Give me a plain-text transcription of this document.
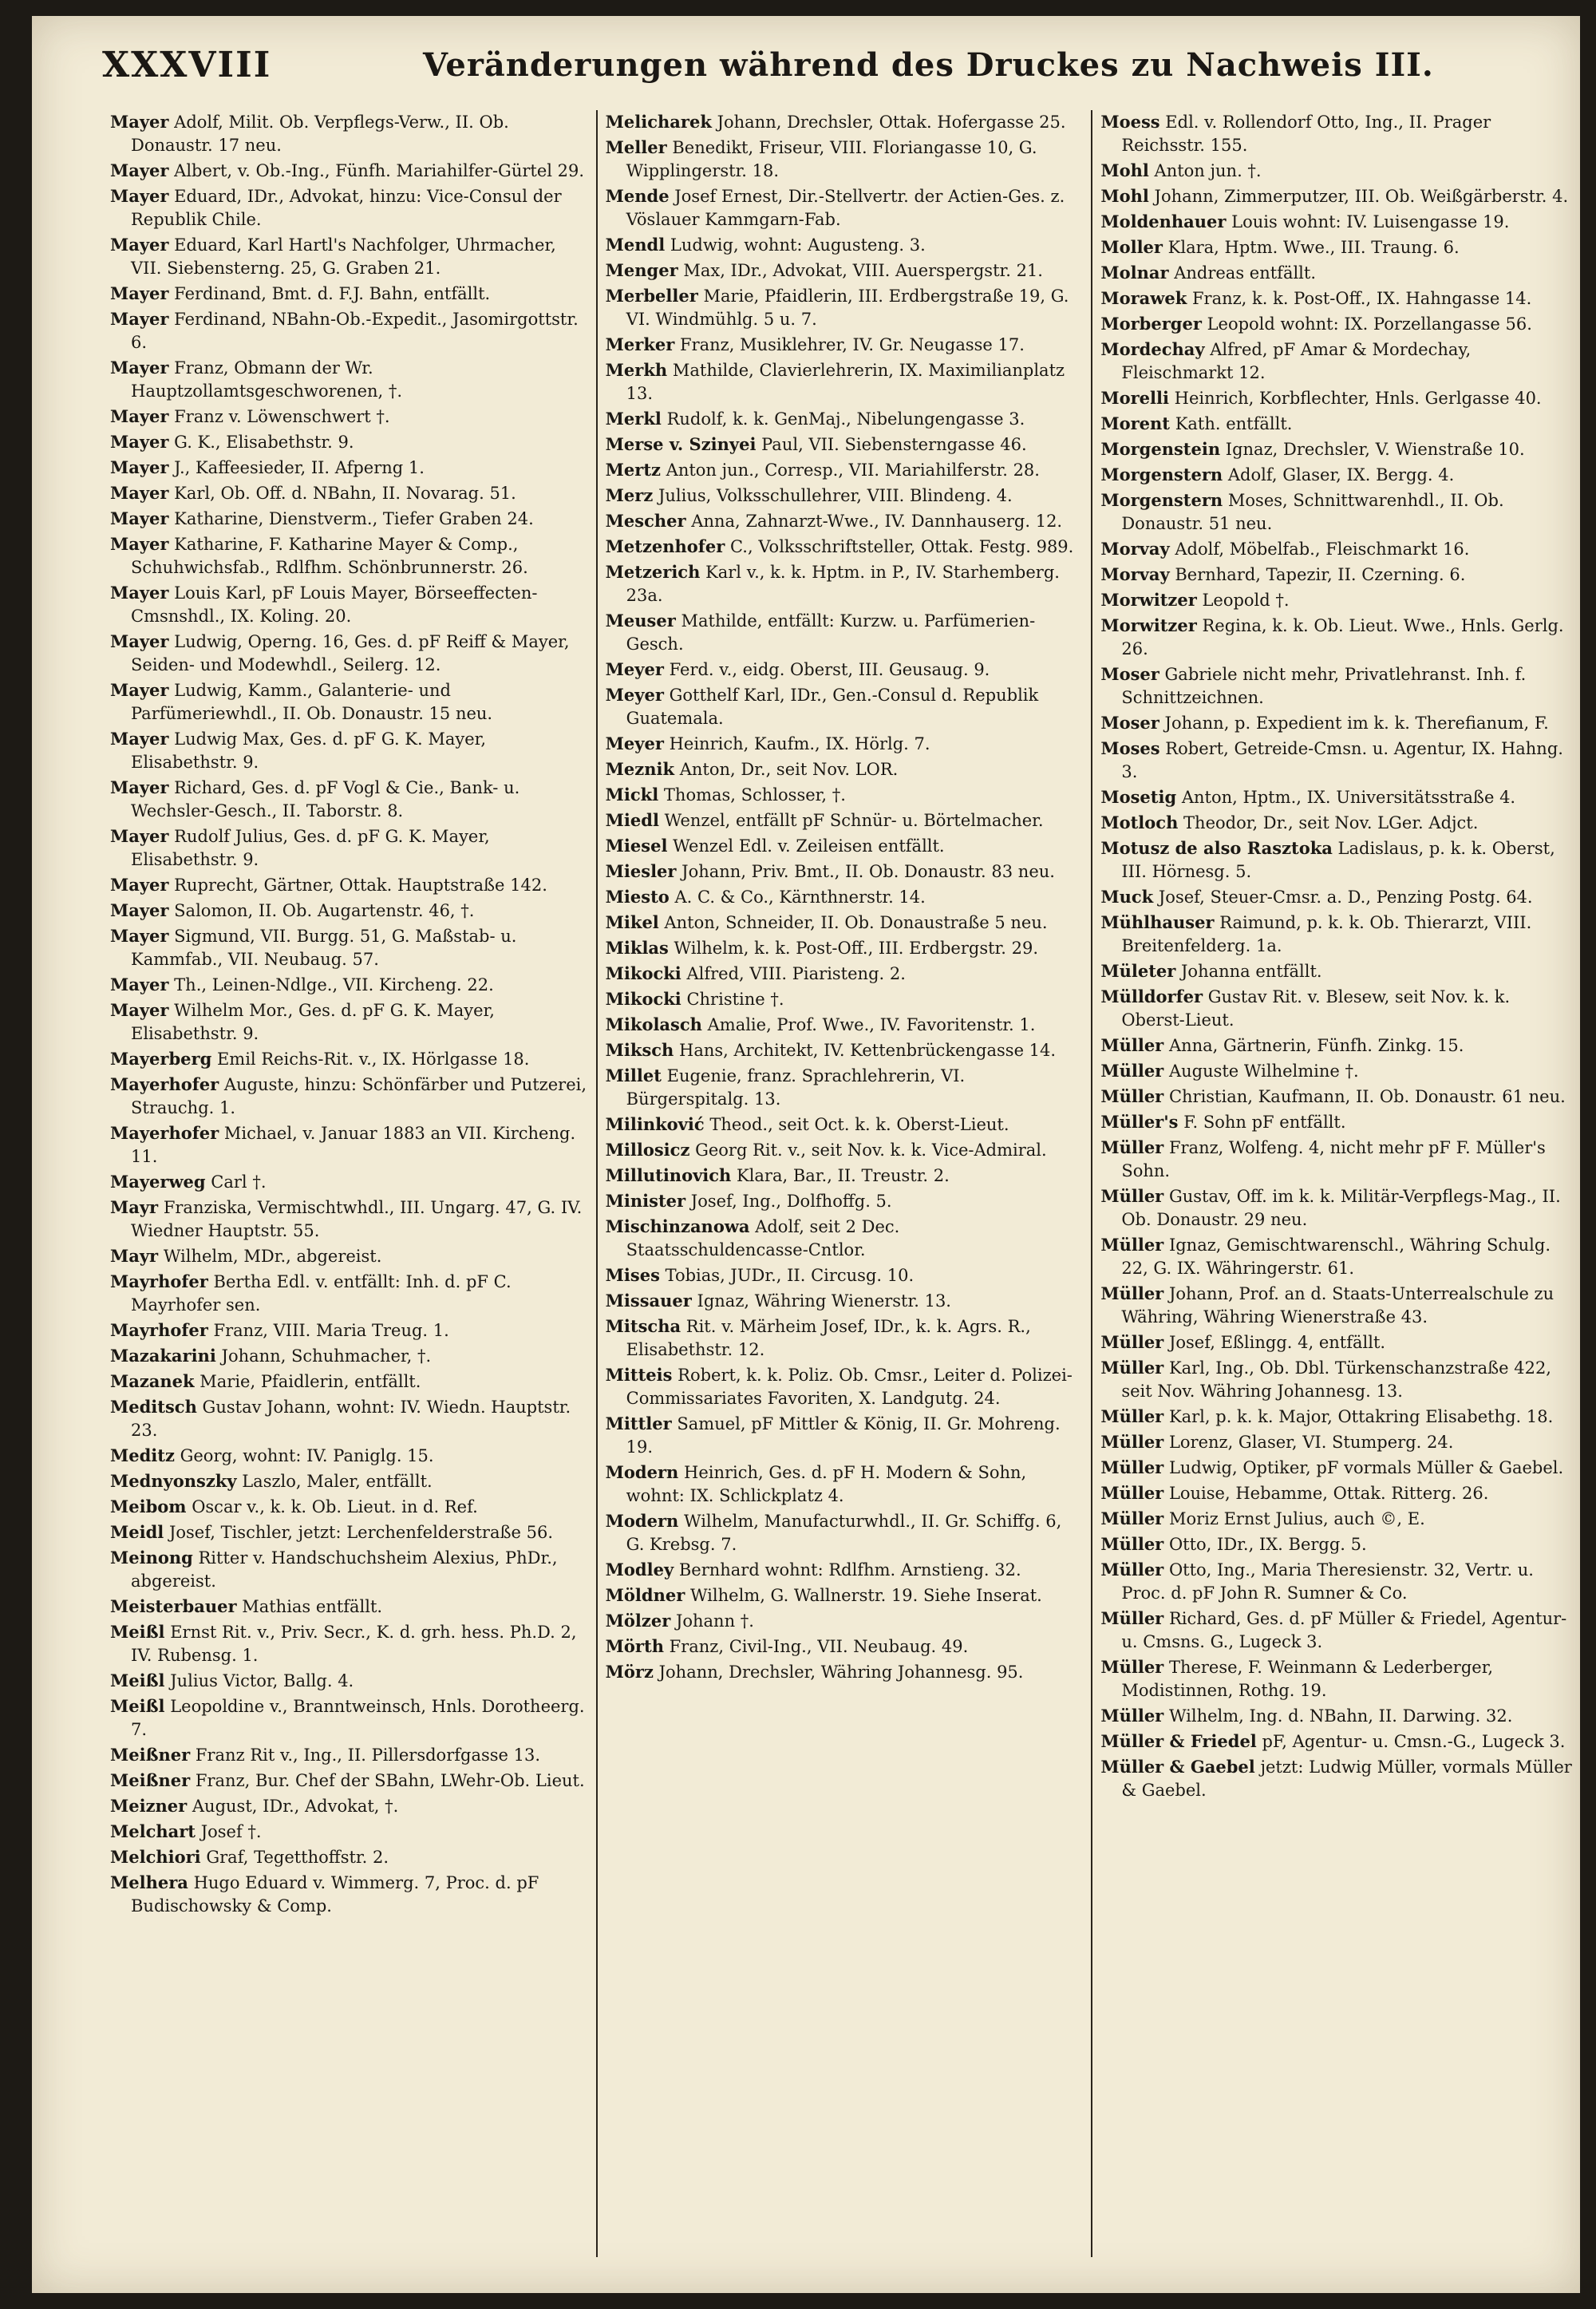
XXXVIII	Veränderungen während des Druckes zu Nachweis III.
Mayer Adolf, Milit. Ob. Verpflegs-Verw., II. Ob. Donaustr. 17 neu.
Mayer Albert, v. Ob.-Ing., Fünfh. Mariahilfer-Gürtel 29.
Mayer Eduard, IDr., Advokat, hinzu: Vice-Consul der Republik Chile.
Mayer Eduard, Karl Hartl's Nachfolger, Uhrmacher, VII. Siebensterng. 25, G. Graben 21.
Mayer Ferdinand, Bmt. d. F.J. Bahn, entfällt.
Mayer Ferdinand, NBahn-Ob.-Expedit., Jasomirgottstr. 6.
Mayer Franz, Obmann der Wr. Hauptzollamtsgeschworenen, †.
Mayer Franz v. Löwenschwert †.
Mayer G. K., Elisabethstr. 9.
Mayer J., Kaffeesieder, II. Afperng 1.
Mayer Karl, Ob. Off. d. NBahn, II. Novarag. 51.
Mayer Katharine, Dienstverm., Tiefer Graben 24.
Mayer Katharine, F. Katharine Mayer & Comp., Schuhwichsfab., Rdlfhm. Schönbrunnerstr. 26.
Mayer Louis Karl, pF Louis Mayer, Börseeffecten-Cmsnshdl., IX. Koling. 20.
Mayer Ludwig, Operng. 16, Ges. d. pF Reiff & Mayer, Seiden- und Modewhdl., Seilerg. 12.
Mayer Ludwig, Kamm., Galanterie- und Parfümeriewhdl., II. Ob. Donaustr. 15 neu.
Mayer Ludwig Max, Ges. d. pF G. K. Mayer, Elisabethstr. 9.
Mayer Richard, Ges. d. pF Vogl & Cie., Bank- u. Wechsler-Gesch., II. Taborstr. 8.
Mayer Rudolf Julius, Ges. d. pF G. K. Mayer, Elisabethstr. 9.
Mayer Ruprecht, Gärtner, Ottak. Hauptstraße 142.
Mayer Salomon, II. Ob. Augartenstr. 46, †.
Mayer Sigmund, VII. Burgg. 51, G. Maßstab- u. Kammfab., VII. Neubaug. 57.
Mayer Th., Leinen-Ndlge., VII. Kircheng. 22.
Mayer Wilhelm Mor., Ges. d. pF G. K. Mayer, Elisabethstr. 9.
Mayerberg Emil Reichs-Rit. v., IX. Hörlgasse 18.
Mayerhofer Auguste, hinzu: Schönfärber und Putzerei, Strauchg. 1.
Mayerhofer Michael, v. Januar 1883 an VII. Kircheng. 11.
Mayerweg Carl †.
Mayr Franziska, Vermischtwhdl., III. Ungarg. 47, G. IV. Wiedner Hauptstr. 55.
Mayr Wilhelm, MDr., abgereist.
Mayrhofer Bertha Edl. v. entfällt: Inh. d. pF C. Mayrhofer sen.
Mayrhofer Franz, VIII. Maria Treug. 1.
Mazakarini Johann, Schuhmacher, †.
Mazanek Marie, Pfaidlerin, entfällt.
Meditsch Gustav Johann, wohnt: IV. Wiedn. Hauptstr. 23.
Meditz Georg, wohnt: IV. Paniglg. 15.
Mednyonszky Laszlo, Maler, entfällt.
Meibom Oscar v., k. k. Ob. Lieut. in d. Ref.
Meidl Josef, Tischler, jetzt: Lerchenfelderstraße 56.
Meinong Ritter v. Handschuchsheim Alexius, PhDr., abgereist.
Meisterbauer Mathias entfällt.
Meißl Ernst Rit. v., Priv. Secr., K. d. grh. hess. Ph.D. 2, IV. Rubensg. 1.
Meißl Julius Victor, Ballg. 4.
Meißl Leopoldine v., Branntweinsch, Hnls. Dorotheerg. 7.
Meißner Franz Rit v., Ing., II. Pillersdorfgasse 13.
Meißner Franz, Bur. Chef der SBahn, LWehr-Ob. Lieut.
Meizner August, IDr., Advokat, †.
Melchart Josef †.
Melchiori Graf, Tegetthoffstr. 2.
Melhera Hugo Eduard v. Wimmerg. 7, Proc. d. pF Budischowsky & Comp.
Melicharek Johann, Drechsler, Ottak. Hofergasse 25.
Meller Benedikt, Friseur, VIII. Floriangasse 10, G. Wipplingerstr. 18.
Mende Josef Ernest, Dir.-Stellvertr. der Actien-Ges. z. Vöslauer Kammgarn-Fab.
Mendl Ludwig, wohnt: Augusteng. 3.
Menger Max, IDr., Advokat, VIII. Auerspergstr. 21.
Merbeller Marie, Pfaidlerin, III. Erdbergstraße 19, G. VI. Windmühlg. 5 u. 7.
Merker Franz, Musiklehrer, IV. Gr. Neugasse 17.
Merkh Mathilde, Clavierlehrerin, IX. Maximilianplatz 13.
Merkl Rudolf, k. k. GenMaj., Nibelungengasse 3.
Merse v. Szinyei Paul, VII. Siebensterngasse 46.
Mertz Anton jun., Corresp., VII. Mariahilferstr. 28.
Merz Julius, Volksschullehrer, VIII. Blindeng. 4.
Mescher Anna, Zahnarzt-Wwe., IV. Dannhauserg. 12.
Metzenhofer C., Volksschriftsteller, Ottak. Festg. 989.
Metzerich Karl v., k. k. Hptm. in P., IV. Starhemberg. 23a.
Meuser Mathilde, entfällt: Kurzw. u. Parfümerien-Gesch.
Meyer Ferd. v., eidg. Oberst, III. Geusaug. 9.
Meyer Gotthelf Karl, IDr., Gen.-Consul d. Republik Guatemala.
Meyer Heinrich, Kaufm., IX. Hörlg. 7.
Meznik Anton, Dr., seit Nov. LOR.
Mickl Thomas, Schlosser, †.
Miedl Wenzel, entfällt pF Schnür- u. Börtelmacher.
Miesel Wenzel Edl. v. Zeileisen entfällt.
Miesler Johann, Priv. Bmt., II. Ob. Donaustr. 83 neu.
Miesto A. C. & Co., Kärnthnerstr. 14.
Mikel Anton, Schneider, II. Ob. Donaustraße 5 neu.
Miklas Wilhelm, k. k. Post-Off., III. Erdbergstr. 29.
Mikocki Alfred, VIII. Piaristeng. 2.
Mikocki Christine †.
Mikolasch Amalie, Prof. Wwe., IV. Favoritenstr. 1.
Miksch Hans, Architekt, IV. Kettenbrückengasse 14.
Millet Eugenie, franz. Sprachlehrerin, VI. Bürgerspitalg. 13.
Milinković Theod., seit Oct. k. k. Oberst-Lieut.
Millosicz Georg Rit. v., seit Nov. k. k. Vice-Admiral.
Millutinovich Klara, Bar., II. Treustr. 2.
Minister Josef, Ing., Dolfhoffg. 5.
Mischinzanowa Adolf, seit 2 Dec. Staatsschuldencasse-Cntlor.
Mises Tobias, JUDr., II. Circusg. 10.
Missauer Ignaz, Währing Wienerstr. 13.
Mitscha Rit. v. Märheim Josef, IDr., k. k. Agrs. R., Elisabethstr. 12.
Mitteis Robert, k. k. Poliz. Ob. Cmsr., Leiter d. Polizei-Commissariates Favoriten, X. Landgutg. 24.
Mittler Samuel, pF Mittler & König, II. Gr. Mohreng. 19.
Modern Heinrich, Ges. d. pF H. Modern & Sohn, wohnt: IX. Schlickplatz 4.
Modern Wilhelm, Manufacturwhdl., II. Gr. Schiffg. 6, G. Krebsg. 7.
Modley Bernhard wohnt: Rdlfhm. Arnstieng. 32.
Möldner Wilhelm, G. Wallnerstr. 19. Siehe Inserat.
Mölzer Johann †.
Mörth Franz, Civil-Ing., VII. Neubaug. 49.
Mörz Johann, Drechsler, Währing Johannesg. 95.
Moess Edl. v. Rollendorf Otto, Ing., II. Prager Reichsstr. 155.
Mohl Anton jun. †.
Mohl Johann, Zimmerputzer, III. Ob. Weißgärberstr. 4.
Moldenhauer Louis wohnt: IV. Luisengasse 19.
Moller Klara, Hptm. Wwe., III. Traung. 6.
Molnar Andreas entfällt.
Morawek Franz, k. k. Post-Off., IX. Hahngasse 14.
Morberger Leopold wohnt: IX. Porzellangasse 56.
Mordechay Alfred, pF Amar & Mordechay, Fleischmarkt 12.
Morelli Heinrich, Korbflechter, Hnls. Gerlgasse 40.
Morent Kath. entfällt.
Morgenstein Ignaz, Drechsler, V. Wienstraße 10.
Morgenstern Adolf, Glaser, IX. Bergg. 4.
Morgenstern Moses, Schnittwarenhdl., II. Ob. Donaustr. 51 neu.
Morvay Adolf, Möbelfab., Fleischmarkt 16.
Morvay Bernhard, Tapezir, II. Czerning. 6.
Morwitzer Leopold †.
Morwitzer Regina, k. k. Ob. Lieut. Wwe., Hnls. Gerlg. 26.
Moser Gabriele nicht mehr, Privatlehranst. Inh. f. Schnittzeichnen.
Moser Johann, p. Expedient im k. k. Therefianum, F.
Moses Robert, Getreide-Cmsn. u. Agentur, IX. Hahng. 3.
Mosetig Anton, Hptm., IX. Universitätsstraße 4.
Motloch Theodor, Dr., seit Nov. LGer. Adjct.
Motusz de also Rasztoka Ladislaus, p. k. k. Oberst, III. Hörnesg. 5.
Muck Josef, Steuer-Cmsr. a. D., Penzing Postg. 64.
Mühlhauser Raimund, p. k. k. Ob. Thierarzt, VIII. Breitenfelderg. 1a.
Mületer Johanna entfällt.
Mülldorfer Gustav Rit. v. Blesew, seit Nov. k. k. Oberst-Lieut.
Müller Anna, Gärtnerin, Fünfh. Zinkg. 15.
Müller Auguste Wilhelmine †.
Müller Christian, Kaufmann, II. Ob. Donaustr. 61 neu.
Müller's F. Sohn pF entfällt.
Müller Franz, Wolfeng. 4, nicht mehr pF F. Müller's Sohn.
Müller Gustav, Off. im k. k. Militär-Verpflegs-Mag., II. Ob. Donaustr. 29 neu.
Müller Ignaz, Gemischtwarenschl., Währing Schulg. 22, G. IX. Währingerstr. 61.
Müller Johann, Prof. an d. Staats-Unterrealschule zu Währing, Währing Wienerstraße 43.
Müller Josef, Eßlingg. 4, entfällt.
Müller Karl, Ing., Ob. Dbl. Türkenschanzstraße 422, seit Nov. Währing Johannesg. 13.
Müller Karl, p. k. k. Major, Ottakring Elisabethg. 18.
Müller Lorenz, Glaser, VI. Stumperg. 24.
Müller Ludwig, Optiker, pF vormals Müller & Gaebel.
Müller Louise, Hebamme, Ottak. Ritterg. 26.
Müller Moriz Ernst Julius, auch ©, E.
Müller Otto, IDr., IX. Bergg. 5.
Müller Otto, Ing., Maria Theresienstr. 32, Vertr. u. Proc. d. pF John R. Sumner & Co.
Müller Richard, Ges. d. pF Müller & Friedel, Agentur- u. Cmsns. G., Lugeck 3.
Müller Therese, F. Weinmann & Lederberger, Modistinnen, Rothg. 19.
Müller Wilhelm, Ing. d. NBahn, II. Darwing. 32.
Müller & Friedel pF, Agentur- u. Cmsn.-G., Lugeck 3.
Müller & Gaebel jetzt: Ludwig Müller, vormals Müller & Gaebel.
